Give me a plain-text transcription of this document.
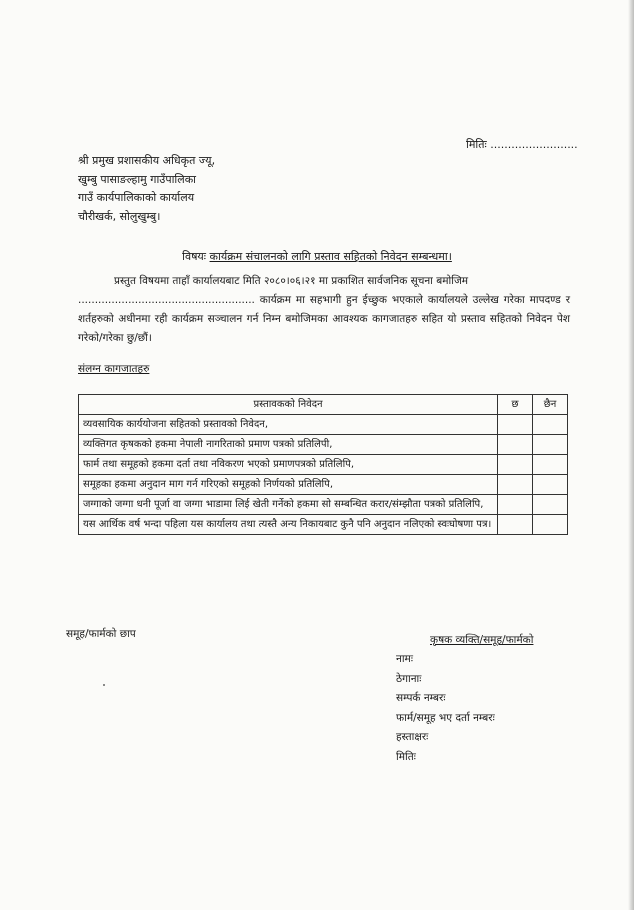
मितिः .........................
श्री प्रमुख प्रशासकीय अधिकृत ज्यू,
खुम्बु पासाङल्हामु गाउँपालिका
गाउँ कार्यपालिकाको कार्यालय
चौरीखर्क, सोलुखुम्बु।
विषयः कार्यक्रम संचालनको लागि प्रस्ताव सहितको निवेदन सम्बन्धमा।
प्रस्तुत विषयमा ताहाँ कार्यालयबाट मिति २०८०।०६।२१ मा प्रकाशित सार्वजनिक सूचना बमोजिम
..................................................... कार्यक्रम मा सहभागी हुन ईच्छुक भएकाले कार्यालयले उल्लेख गरेका मापदण्ड र शर्तहरुको अधीनमा रही कार्यक्रम सञ्चालन गर्न निम्न बमोजिमका आवश्यक कागजातहरु सहित यो प्रस्ताव सहितको निवेदन पेश गरेको/गरेका छु/छौं।
संलग्न कागजातहरु
प्रस्तावकको निवेदन	छ	छैन
व्यवसायिक कार्ययोजना सहितको प्रस्तावको निवेदन,		
व्यक्तिगत कृषकको हकमा नेपाली नागरिताको प्रमाण पत्रको प्रतिलिपी,		
फार्म तथा समूहको हकमा दर्ता तथा नविकरण भएको प्रमाणपत्रको प्रतिलिपि,		
समूहका हकमा अनुदान माग गर्न गरिएको समूहको निर्णयको प्रतिलिपि,		
जग्गाको जग्गा धनी पूर्जा वा जग्गा भाडामा लिई खेती गर्नेको हकमा सो सम्बन्धित करार/संम्झौता पत्रको प्रतिलिपि,		
यस आर्थिक वर्ष भन्दा पहिला यस कार्यालय तथा त्यस्तै अन्य निकायबाट कुनै पनि अनुदान नलिएको स्वःघोषणा पत्र।		
समूह/फार्मको छाप	कृषक व्यक्ति/समूह/फार्मको
नामः
ठेगानाः
सम्पर्क नम्बरः
फार्म/समूह भए दर्ता नम्बरः
हस्ताक्षरः
मितिः
